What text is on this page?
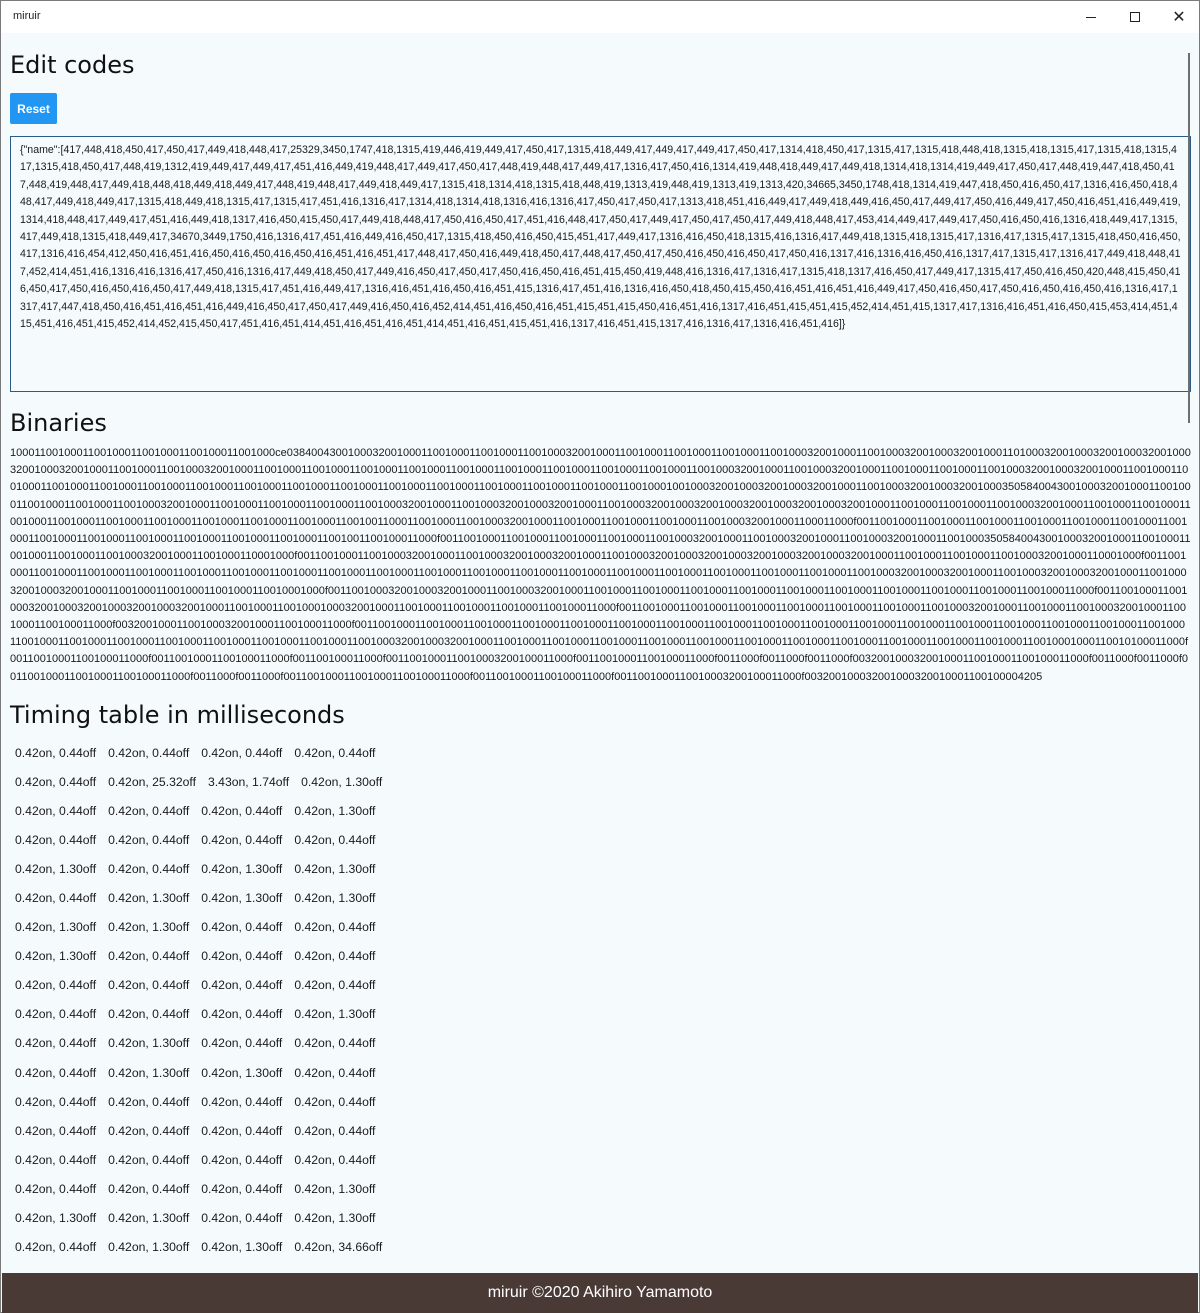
miruir	✕
Edit codes
Reset
{"name":[417,448,418,450,417,450,417,449,418,448,417,25329,3450,1747,418,1315,419,446,419,449,417,450,417,1315,418,449,417,449,417,449,417,450,417,1314,418,450,417,1315,417,1315,418,448,418,1315,418,1315,417,1315,418,1315,417,1315,418,450,417,448,419,1312,419,449,417,449,417,451,416,449,419,448,417,449,417,450,417,448,419,448,417,449,417,1316,417,450,416,1314,419,448,418,449,417,449,418,1314,418,1314,419,449,417,450,417,448,419,447,418,450,417,448,419,448,417,449,418,448,418,449,418,449,417,448,419,448,417,449,418,449,417,1315,418,1314,418,1315,418,448,419,1313,419,448,419,1313,419,1313,420,34665,3450,1748,418,1314,419,447,418,450,416,450,417,1316,416,450,418,448,417,449,418,449,417,1315,418,449,418,1315,417,1315,417,451,416,1316,417,1314,418,1314,418,1316,416,1316,417,450,417,450,417,1313,418,451,416,449,417,449,418,449,416,450,417,449,417,450,416,449,417,450,416,451,416,449,419,1314,418,448,417,449,417,451,416,449,418,1317,416,450,415,450,417,449,418,448,417,450,416,450,417,451,416,448,417,450,417,449,417,450,417,450,417,449,418,448,417,453,414,449,417,449,417,450,416,450,416,1316,418,449,417,1315,417,449,418,1315,418,449,417,34670,3449,1750,416,1316,417,451,416,449,416,450,417,1315,418,450,416,450,415,451,417,449,417,1316,416,450,418,1315,416,1316,417,449,418,1315,418,1315,417,1316,417,1315,417,1315,418,450,416,450,417,1316,416,454,412,450,416,451,416,450,416,450,416,450,416,451,416,451,417,448,417,450,416,449,418,450,417,448,417,450,417,450,416,450,416,450,417,450,416,1317,416,1316,416,450,416,1317,417,1315,417,1316,417,449,418,448,417,452,414,451,416,1316,416,1316,417,450,416,1316,417,449,418,450,417,449,416,450,417,450,417,450,416,450,416,451,415,450,419,448,416,1316,417,1316,417,1315,418,1317,416,450,417,449,417,1315,417,450,416,450,420,448,415,450,416,450,417,450,416,450,416,450,417,449,418,1315,417,451,416,449,417,1316,416,451,416,450,416,451,415,1316,417,451,416,1316,416,450,418,450,415,450,416,451,416,451,416,449,417,450,416,450,417,450,416,450,416,450,416,1316,417,1317,417,447,418,450,416,451,416,451,416,449,416,450,417,450,417,449,416,450,416,452,414,451,416,450,416,451,415,451,415,450,416,451,416,1317,416,451,415,451,415,452,414,451,415,1317,417,1316,416,451,416,450,415,453,414,451,415,451,416,451,415,452,414,452,415,450,417,451,416,451,414,451,416,451,416,451,414,451,416,451,415,451,416,1317,416,451,415,1317,416,1316,417,1316,416,451,416]}
Binaries
10001100100011001000110010001100100011001000ce0384004300100032001000110010001100100011001000320010001100100011001000110010001100100032001000110010003200100032001000110100032001000320010003200100032001000320010001100100011001000320010001100100011001000110010001100100011001000110010001100100011001000110010001100100032001000110010003200100011001000110010001100100032001000320010001100100011001000110010001100100011001000110010001100100011001000110010001100100011001000110010001100100011001000110010001001000320010003200100032001000110010003200100032001000350584004300100032001000110010001100100011001000110010003200100011001000110010001100100011001000320010001100100032001000320010001100100032001000320010003200100032001000320010001100100011001000110010003200100011001000110010001100100011001000110010001100100011001000110010001100100011001001100011001000110010003200100011001000110010001100100011001000320010001100011000f001100100011001000110010001100100011001000110010001100100011001000110010001100100011001000110010001100100011001001100100011000f001100100011001000110010001100100011001000320010001100100032001000110010003200100011001000350584004300100032001000110010001100100011001000110010003200100011001000110001000f0011001000110010003200100011001000320010003200100011001000320010003200100032001000320010003200100011001000110010001100100032001000110001000f00110010001100100011001000110010001100100011001000110010001100100011001000110010001100100011001000110010001100100011001000110010001100100011001000110010003200100032001000110010003200100032001000110010003200100032001000110010001100100011001000110010001000f0011001000320010003200100011001000320010001100100011001000110010001100100011001000110010001100100011001000110010001100100011000f0011001000110010003200100032001000320010003200100011001000110010001000320010001100100011001000110010001100100011000f001100100011001000110010001100100011001000110010001100100032001000110010001100100032001000110010001100100011000f003200100011001000320010001100100011000f001100100011001000110010001100100011001000110010001100100011001000110010001100100011001000110010001100100011001000110010001100100011001000110010001100100011001000110010001100100011001000110010001100100032001000320010001100100011001000110010001100100011001000110010001100100011001000110010001100100011001000110010001000110010100011000f00110010001100100011000f00110010001100100011000f001100100011000f0011001000110010003200100011000f00110010001100100011000f0011000f0011000f0011000f003200100032001000110010001100100011000f0011000f0011000f0011001000110010001100100011000f0011000f0011000f0011001000110010001100100011000f00110010001100100011000f0011001000110010003200100011000f003200100032001000320010001100100004205
Timing table in milliseconds
0.42on, 0.44off 0.42on, 0.44off 0.42on, 0.44off 0.42on, 0.44off
0.42on, 0.44off 0.42on, 25.32off 3.43on, 1.74off 0.42on, 1.30off
0.42on, 0.44off 0.42on, 0.44off 0.42on, 0.44off 0.42on, 1.30off
0.42on, 0.44off 0.42on, 0.44off 0.42on, 0.44off 0.42on, 0.44off
0.42on, 1.30off 0.42on, 0.44off 0.42on, 1.30off 0.42on, 1.30off
0.42on, 0.44off 0.42on, 1.30off 0.42on, 1.30off 0.42on, 1.30off
0.42on, 1.30off 0.42on, 1.30off 0.42on, 0.44off 0.42on, 0.44off
0.42on, 1.30off 0.42on, 0.44off 0.42on, 0.44off 0.42on, 0.44off
0.42on, 0.44off 0.42on, 0.44off 0.42on, 0.44off 0.42on, 0.44off
0.42on, 0.44off 0.42on, 0.44off 0.42on, 0.44off 0.42on, 1.30off
0.42on, 0.44off 0.42on, 1.30off 0.42on, 0.44off 0.42on, 0.44off
0.42on, 0.44off 0.42on, 1.30off 0.42on, 1.30off 0.42on, 0.44off
0.42on, 0.44off 0.42on, 0.44off 0.42on, 0.44off 0.42on, 0.44off
0.42on, 0.44off 0.42on, 0.44off 0.42on, 0.44off 0.42on, 0.44off
0.42on, 0.44off 0.42on, 0.44off 0.42on, 0.44off 0.42on, 0.44off
0.42on, 0.44off 0.42on, 0.44off 0.42on, 0.44off 0.42on, 1.30off
0.42on, 1.30off 0.42on, 1.30off 0.42on, 0.44off 0.42on, 1.30off
0.42on, 0.44off 0.42on, 1.30off 0.42on, 1.30off 0.42on, 34.66off
miruir ©2020 Akihiro Yamamoto
